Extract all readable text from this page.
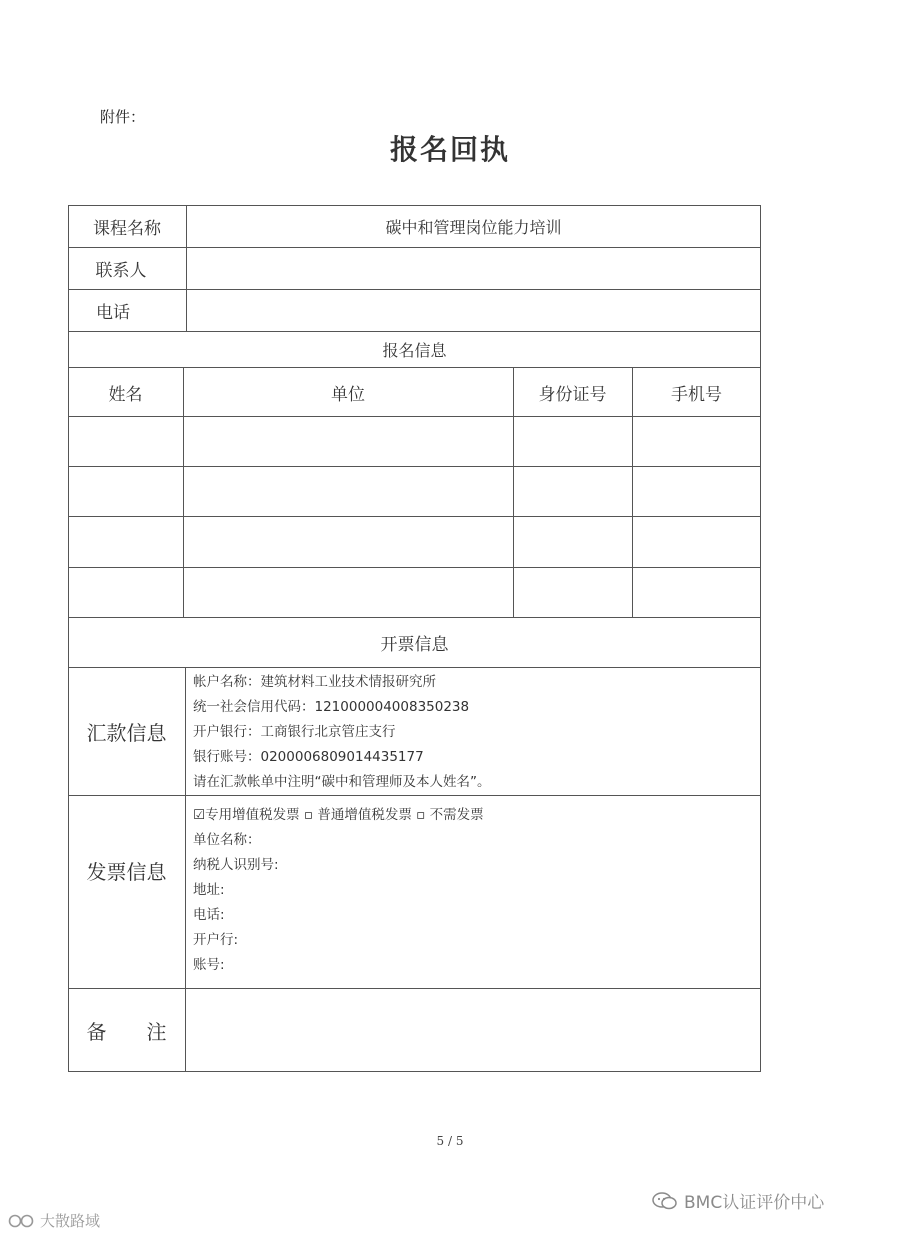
附件：
报名回执
课程名称	碳中和管理岗位能力培训
联系人
电话
报名信息
姓名	单位	身份证号	手机号
开票信息
汇款信息
帐户名称：建筑材料工业技术情报研究所
统一社会信用代码：121000004008350238
开户银行：工商银行北京管庄支行
银行账号：0200006809014435177
请在汇款帐单中注明“碳中和管理师及本人姓名”。
发票信息
☑专用增值税发票 ▫ 普通增值税发票 ▫ 不需发票
单位名称：
纳税人识别号:
地址:
电话:
开户行:
账号:
备　　注
5 / 5
BMC认证评价中心
大散路域
